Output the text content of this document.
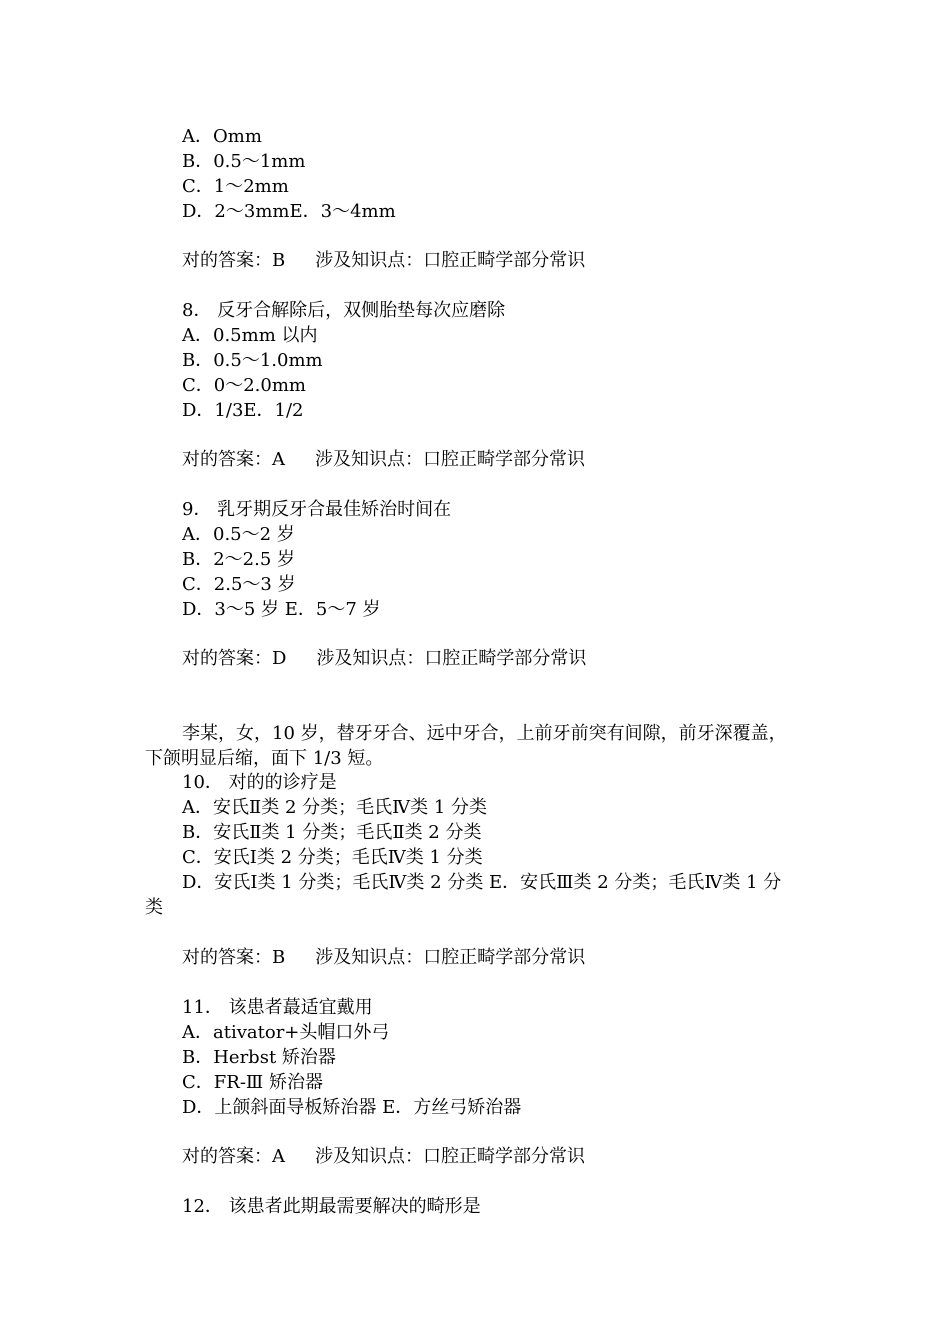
A．Omm
B．0.5～1mm
C．1～2mm
D．2～3mmE．3～4mm
对的答案：B 涉及知识点：口腔正畸学部分常识
8． 反牙合解除后，双侧胎垫每次应磨除
A．0.5mm 以内
B．0.5～1.0mm
C．0～2.0mm
D．1/3E．1/2
对的答案：A 涉及知识点：口腔正畸学部分常识
9． 乳牙期反牙合最佳矫治时间在
A．0.5～2 岁
B．2～2.5 岁
C．2.5～3 岁
D．3～5 岁 E．5～7 岁
对的答案：D 涉及知识点：口腔正畸学部分常识
李某，女，10 岁，替牙牙合、远中牙合，上前牙前突有间隙，前牙深覆盖，
下颌明显后缩，面下 1/3 短。
10． 对的的诊疗是
A．安氏Ⅱ类 2 分类；毛氏Ⅳ类 1 分类
B．安氏Ⅱ类 1 分类；毛氏Ⅱ类 2 分类
C．安氏Ⅰ类 2 分类；毛氏Ⅳ类 1 分类
D．安氏Ⅰ类 1 分类；毛氏Ⅳ类 2 分类 E．安氏Ⅲ类 2 分类；毛氏Ⅳ类 1 分
类
对的答案：B 涉及知识点：口腔正畸学部分常识
11． 该患者蕞适宜戴用
A．ativator+头帽口外弓
B．Herbst 矫治器
C．FR-Ⅲ 矫治器
D．上颌斜面导板矫治器 E．方丝弓矫治器
对的答案：A 涉及知识点：口腔正畸学部分常识
12． 该患者此期最需要解决的畸形是
